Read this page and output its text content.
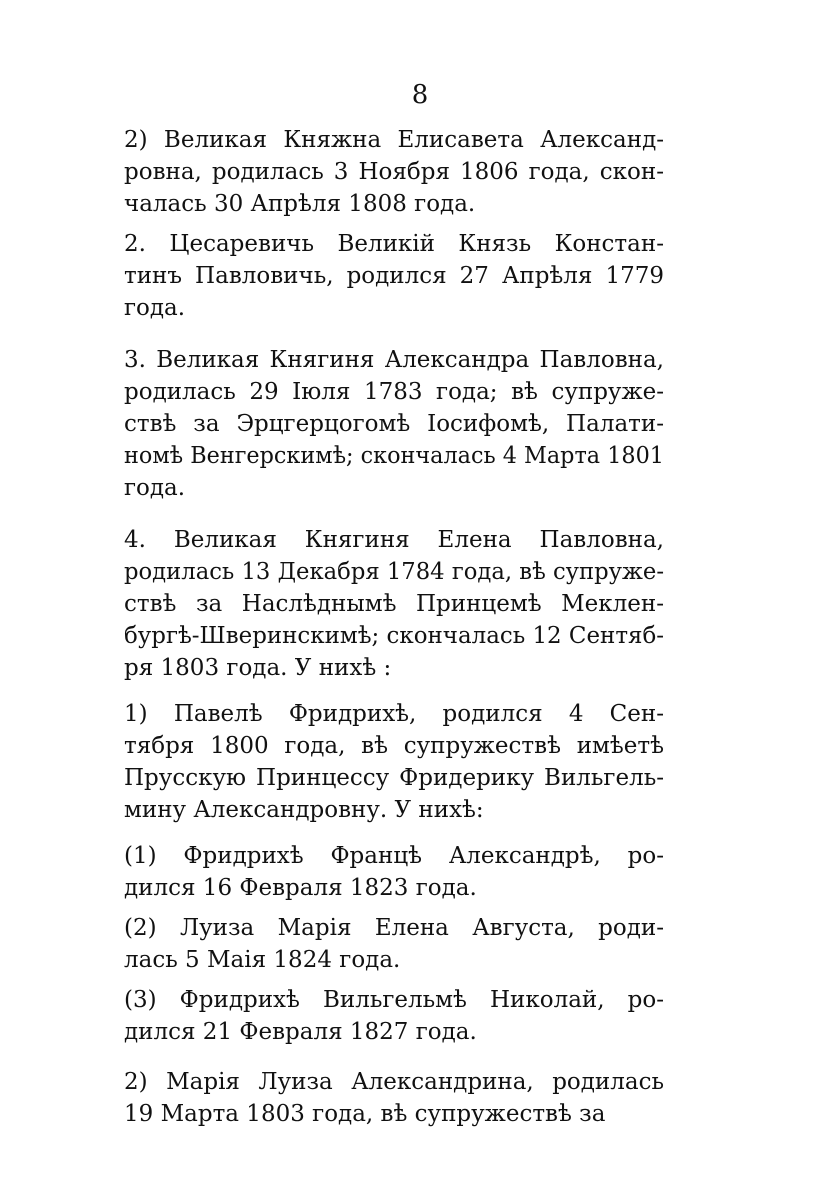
8
2) Великая Княжна Елисавета Александ-
ровна, родилась 3 Ноября 1806 года, скон-
чалась 30 Апрѣля 1808 года.
2. Цесаревичь Великій Князь Констан-
тинъ Павловичь, родился 27 Апрѣля 1779
года.
3. Великая Княгиня Александра Павловна,
родилась 29 Іюля 1783 года; вѣ супруже-
ствѣ за Эрцгерцогомѣ Іосифомѣ, Палати-
номѣ Венгерскимѣ; скончалась 4 Марта 1801
года.
4. Великая Княгиня Елена Павловна,
родилась 13 Декабря 1784 года, вѣ супруже-
ствѣ за Наслѣднымѣ Принцемѣ Меклен-
бургѣ-Шверинскимѣ; скончалась 12 Сентяб-
ря 1803 года. У нихѣ :
1) Павелѣ Фридрихѣ, родился 4 Сен-
тября 1800 года, вѣ супружествѣ имѣетѣ
Прусскую Принцессу Фридерику Вильгель-
мину Александровну. У нихѣ:
(1) Фридрихѣ Францѣ Александрѣ, ро-
дился 16 Февраля 1823 года.
(2) Луиза Марія Елена Августа, роди-
лась 5 Маія 1824 года.
(3) Фридрихѣ Вильгельмѣ Николай, ро-
дился 21 Февраля 1827 года.
2) Марія Луиза Александрина, родилась
19 Марта 1803 года, вѣ супружествѣ за
